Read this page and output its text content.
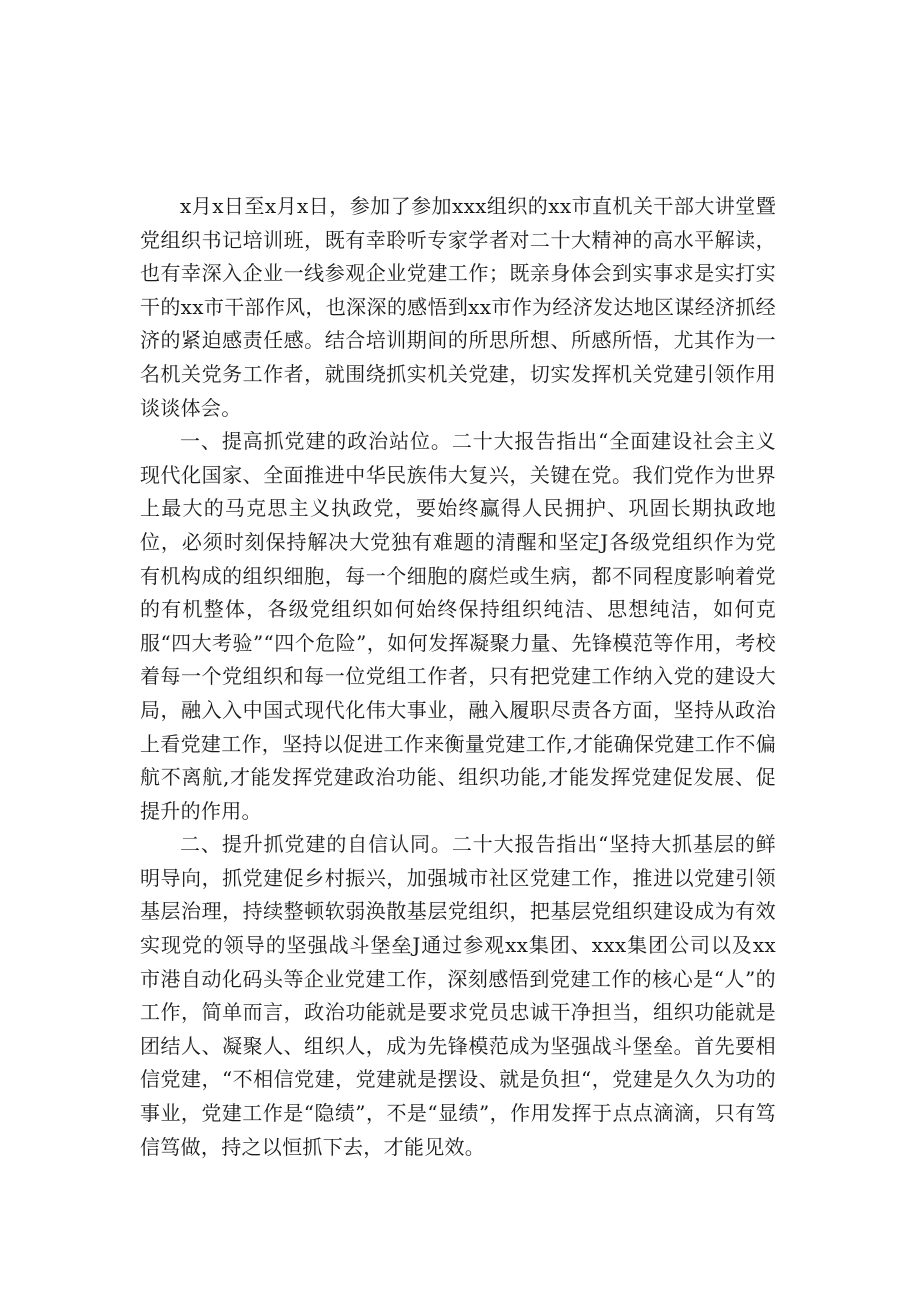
x月x日至x月x日，参加了参加xxx组织的xx市直机关干部大讲堂暨党组织书记培训班，既有幸聆听专家学者对二十大精神的高水平解读，也有幸深入企业一线参观企业党建工作；既亲身体会到实事求是实打实干的xx市干部作风，也深深的感悟到xx市作为经济发达地区谋经济抓经济的紧迫感责任感。结合培训期间的所思所想、所感所悟，尤其作为一名机关党务工作者，就围绕抓实机关党建，切实发挥机关党建引领作用谈谈体会。

一、提高抓党建的政治站位。二十大报告指出“全面建设社会主义现代化国家、全面推进中华民族伟大复兴，关键在党。我们党作为世界上最大的马克思主义执政党，要始终赢得人民拥护、巩固长期执政地位，必须时刻保持解决大党独有难题的清醒和坚定J各级党组织作为党有机构成的组织细胞，每一个细胞的腐烂或生病，都不同程度影响着党的有机整体，各级党组织如何始终保持组织纯洁、思想纯洁，如何克服“四大考验”“四个危险”，如何发挥凝聚力量、先锋模范等作用，考校着每一个党组织和每一位党组工作者，只有把党建工作纳入党的建设大局，融入入中国式现代化伟大事业，融入履职尽责各方面，坚持从政治上看党建工作，坚持以促进工作来衡量党建工作,才能确保党建工作不偏航不离航,才能发挥党建政治功能、组织功能,才能发挥党建促发展、促提升的作用。

二、提升抓党建的自信认同。二十大报告指出“坚持大抓基层的鲜明导向，抓党建促乡村振兴，加强城市社区党建工作，推进以党建引领基层治理，持续整顿软弱涣散基层党组织，把基层党组织建设成为有效实现党的领导的坚强战斗堡垒J通过参观xx集团、xxx集团公司以及xx市港自动化码头等企业党建工作，深刻感悟到党建工作的核心是“人”的工作，简单而言，政治功能就是要求党员忠诚干净担当，组织功能就是团结人、凝聚人、组织人，成为先锋模范成为坚强战斗堡垒。首先要相信党建，“不相信党建，党建就是摆设、就是负担“，党建是久久为功的事业，党建工作是“隐绩”，不是“显绩”，作用发挥于点点滴滴，只有笃信笃做，持之以恒抓下去，才能见效。
